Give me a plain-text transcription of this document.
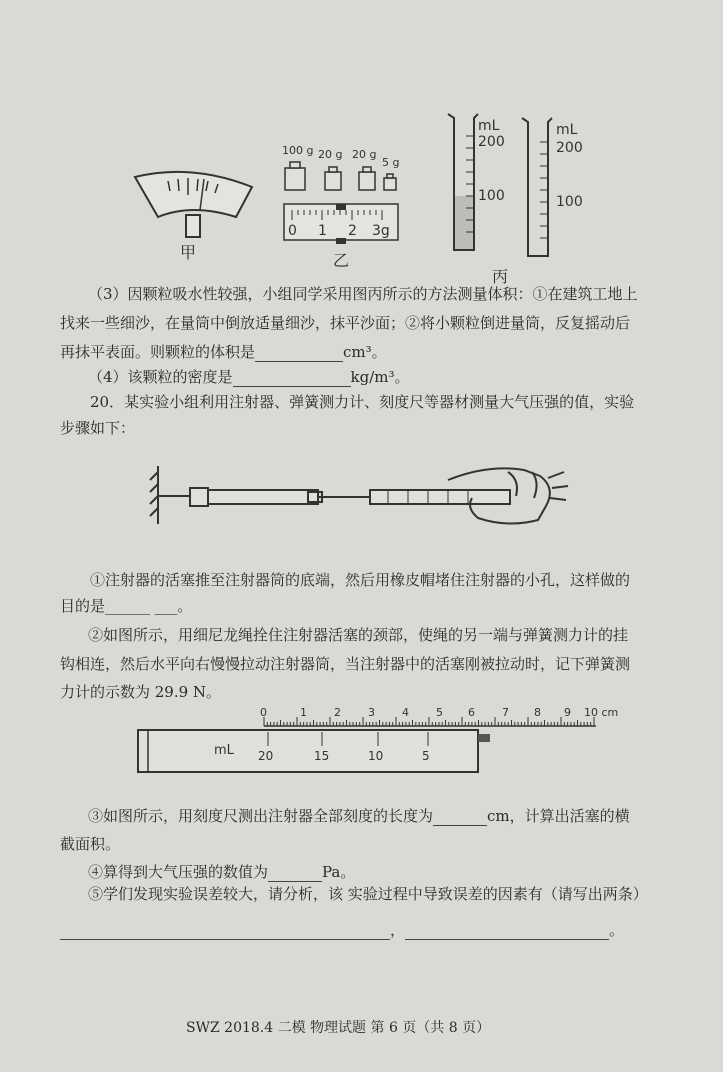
甲
100 g 20 g 20 g
5 g
0 1 2 3g
乙
mL
200
100
mL
200
100
丙
（3）因颗粒吸水性较强，小组同学采用图丙所示的方法测量体积：①在建筑工地上
找来一些细沙，在量筒中倒放适量细沙，抹平沙面；②将小颗粒倒进量筒，反复摇动后
再抹平表面。则颗粒的体积是	cm³。
（4）该颗粒的密度是	kg/m³。
20．某实验小组利用注射器、弹簧测力计、刻度尺等器材测量大气压强的值，实验
步骤如下：
①注射器的活塞推至注射器筒的底端，然后用橡皮帽堵住注射器的小孔，这样做的
目的是______ ___。
②如图所示，用细尼龙绳拴住注射器活塞的颈部，使绳的另一端与弹簧测力计的挂
钩相连，然后水平向右慢慢拉动注射器筒，当注射器中的活塞刚被拉动时，记下弹簧测
力计的示数为 29.9 N。
0	1 2 3 4 5 6 7 8 9 10 cm
mL 20	15	10	5
③如图所示，用刻度尺测出注射器全部刻度的长度为	cm，计算出活塞的横
截面积。
④算得到大气压强的数值为	Pa。
⑤学们发现实验误差较大，请分析，该 实验过程中导致误差的因素有（请写出两条）
，	。
SWZ 2018.4 二模 物理试题 第 6 页（共 8 页）
